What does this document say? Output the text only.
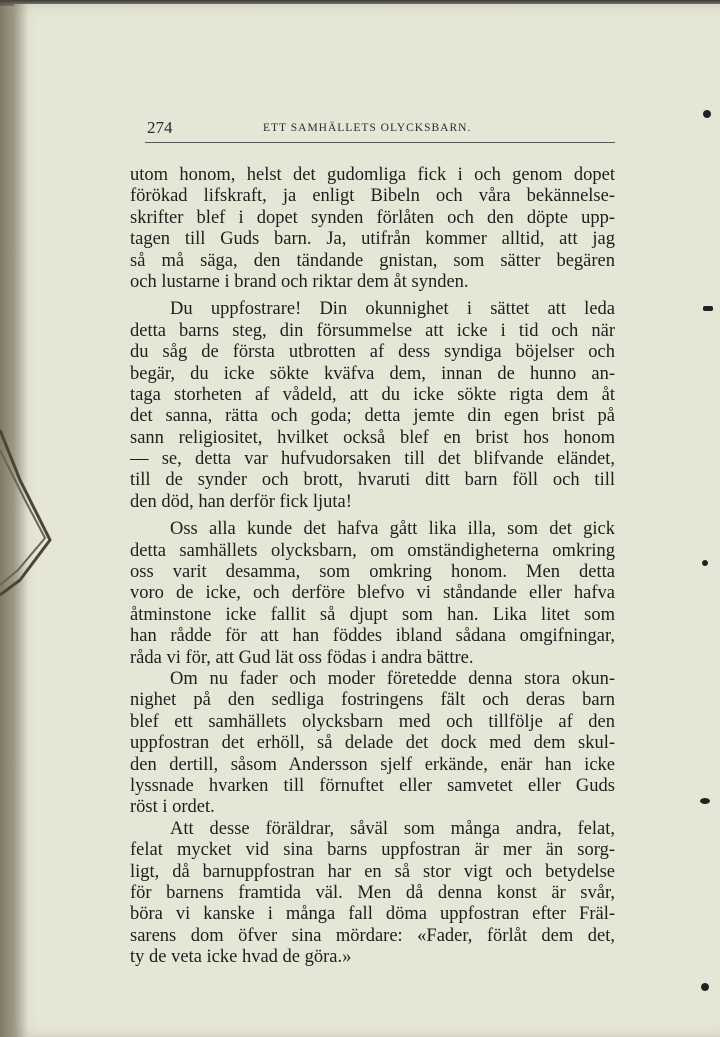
274	ETT SAMHÄLLETS OLYCKSBARN.
utom honom, helst det gudomliga fick i och genom dopet
förökad lifskraft, ja enligt Bibeln och våra bekännelse-
skrifter blef i dopet synden förlåten och den döpte upp-
tagen till Guds barn. Ja, utifrån kommer alltid, att jag
så må säga, den tändande gnistan, som sätter begären
och lustarne i brand och riktar dem åt synden.
Du uppfostrare! Din okunnighet i sättet att leda
detta barns steg, din försummelse att icke i tid och när
du såg de första utbrotten af dess syndiga böjelser och
begär, du icke sökte kväfva dem, innan de hunno an-
taga storheten af vådeld, att du icke sökte rigta dem åt
det sanna, rätta och goda; detta jemte din egen brist på
sann religiositet, hvilket också blef en brist hos honom
— se, detta var hufvudorsaken till det blifvande eländet,
till de synder och brott, hvaruti ditt barn föll och till
den död, han derför fick ljuta!
Oss alla kunde det hafva gått lika illa, som det gick
detta samhällets olycksbarn, om omständigheterna omkring
oss varit desamma, som omkring honom. Men detta
voro de icke, och derföre blefvo vi ståndande eller hafva
åtminstone icke fallit så djupt som han. Lika litet som
han rådde för att han föddes ibland sådana omgifningar,
råda vi för, att Gud lät oss födas i andra bättre.
Om nu fader och moder företedde denna stora okun-
nighet på den sedliga fostringens fält och deras barn
blef ett samhällets olycksbarn med och tillfölje af den
uppfostran det erhöll, så delade det dock med dem skul-
den dertill, såsom Andersson sjelf erkände, enär han icke
lyssnade hvarken till förnuftet eller samvetet eller Guds
röst i ordet.
Att desse föräldrar, såväl som många andra, felat,
felat mycket vid sina barns uppfostran är mer än sorg-
ligt, då barnuppfostran har en så stor vigt och betydelse
för barnens framtida väl. Men då denna konst är svår,
böra vi kanske i många fall döma uppfostran efter Fräl-
sarens dom öfver sina mördare: «Fader, förlåt dem det,
ty de veta icke hvad de göra.»
